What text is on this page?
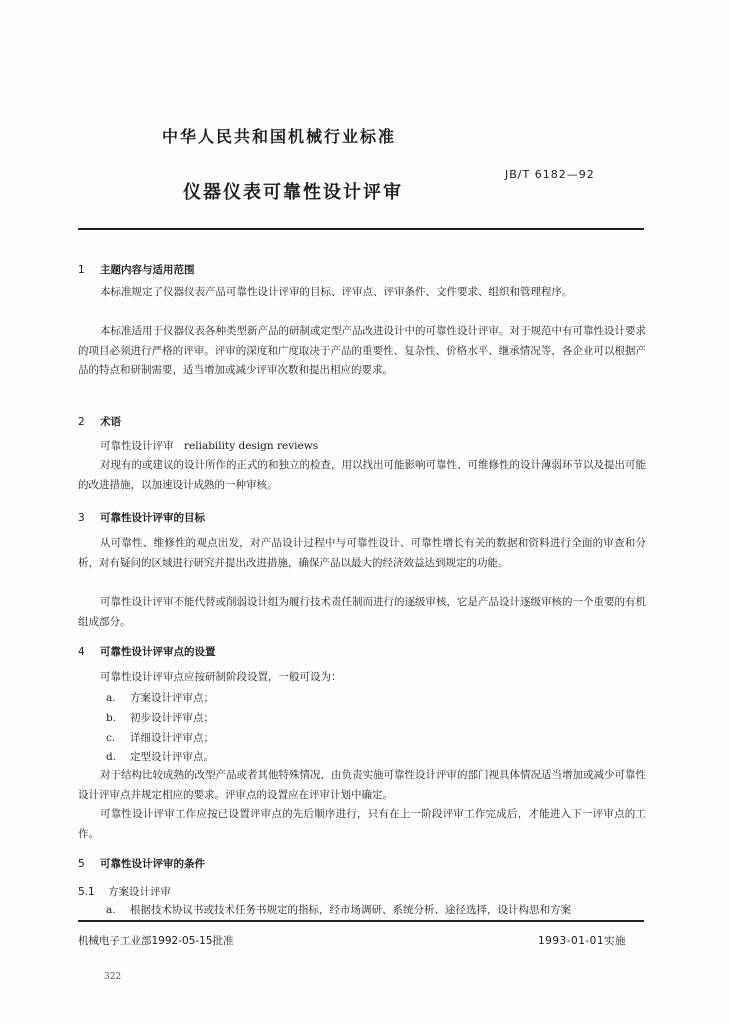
中华人民共和国机械行业标准
仪器仪表可靠性设计评审
JB/T 6182—92
1 主题内容与适用范围
本标准规定了仪器仪表产品可靠性设计评审的目标、评审点、评审条件、文件要求、组织和管理程序。
本标准适用于仪器仪表各种类型新产品的研制或定型产品改进设计中的可靠性设计评审。对于规范中有可靠性设计要求的项目必须进行严格的评审。评审的深度和广度取决于产品的重要性、复杂性、价格水平、继承情况等，各企业可以根据产品的特点和研制需要，适当增加或减少评审次数和提出相应的要求。
2 术语
可靠性设计评审　reliability design reviews
对现有的或建议的设计所作的正式的和独立的检查，用以找出可能影响可靠性、可维修性的设计薄弱环节以及提出可能的改进措施，以加速设计成熟的一种审核。
3 可靠性设计评审的目标
从可靠性、维修性的观点出发，对产品设计过程中与可靠性设计、可靠性增长有关的数据和资料进行全面的审查和分析，对有疑问的区域进行研究并提出改进措施，确保产品以最大的经济效益达到规定的功能。
可靠性设计评审不能代替或削弱设计组为履行技术责任制而进行的逐级审核，它是产品设计逐级审核的一个重要的有机组成部分。
4 可靠性设计评审点的设置
可靠性设计评审点应按研制阶段设置，一般可设为：
a. 方案设计评审点；
b. 初步设计评审点；
c. 详细设计评审点；
d. 定型设计评审点。
对于结构比较成熟的改型产品或者其他特殊情况，由负责实施可靠性设计评审的部门视具体情况适当增加或减少可靠性设计评审点并规定相应的要求。评审点的设置应在评审计划中确定。
可靠性设计评审工作应按已设置评审点的先后顺序进行，只有在上一阶段评审工作完成后，才能进入下一评审点的工作。
5 可靠性设计评审的条件
5.1 方案设计评审
a. 根据技术协议书或技术任务书规定的指标，经市场调研、系统分析、途径选择，设计构思和方案
机械电子工业部1992-05-15批准	1993-01-01实施
322
